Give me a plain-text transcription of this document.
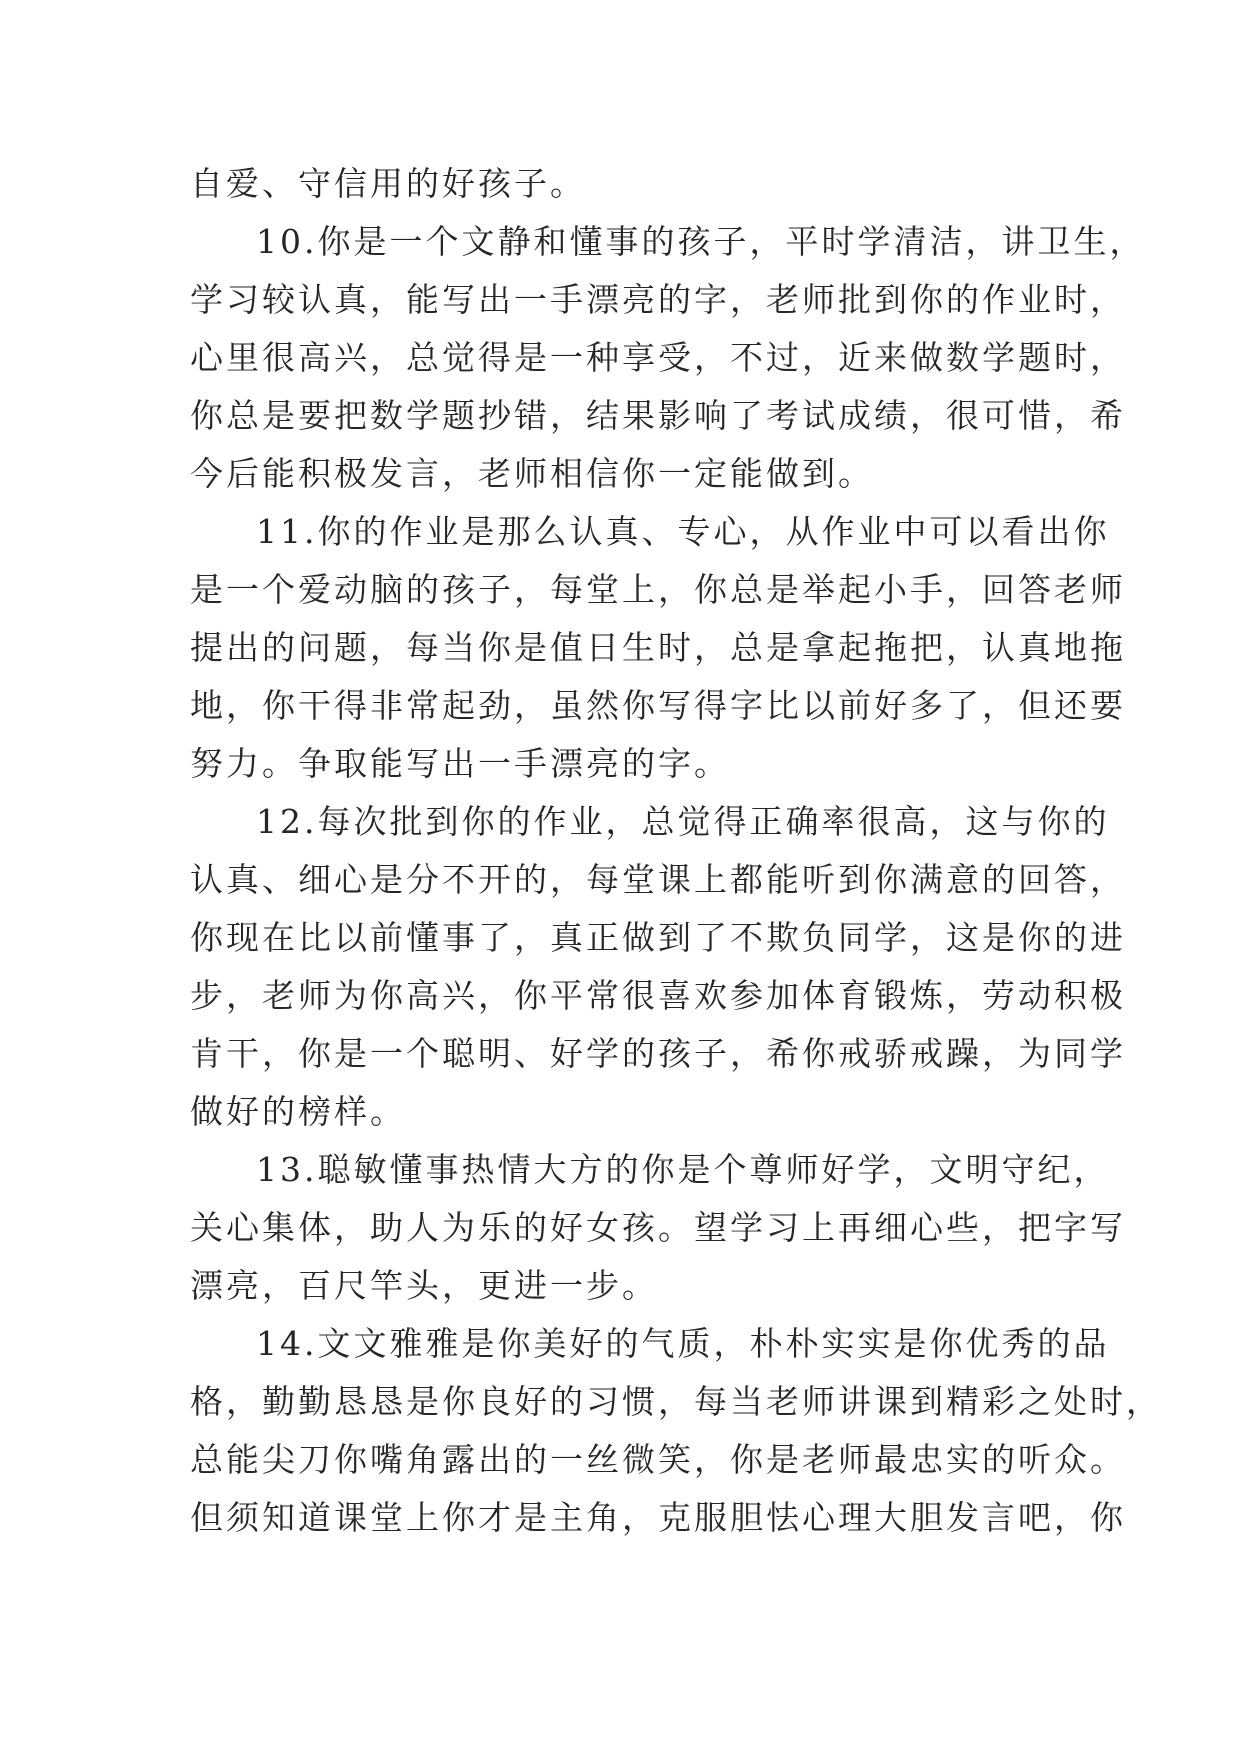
自爱、守信用的好孩子。
10.你是一个文静和懂事的孩子，平时学清洁，讲卫生，
学习较认真，能写出一手漂亮的字，老师批到你的作业时，
心里很高兴，总觉得是一种享受，不过，近来做数学题时，
你总是要把数学题抄错，结果影响了考试成绩，很可惜，希
今后能积极发言，老师相信你一定能做到。
11.你的作业是那么认真、专心，从作业中可以看出你
是一个爱动脑的孩子，每堂上，你总是举起小手，回答老师
提出的问题，每当你是值日生时，总是拿起拖把，认真地拖
地，你干得非常起劲，虽然你写得字比以前好多了，但还要
努力。争取能写出一手漂亮的字。
12.每次批到你的作业，总觉得正确率很高，这与你的
认真、细心是分不开的，每堂课上都能听到你满意的回答，
你现在比以前懂事了，真正做到了不欺负同学，这是你的进
步，老师为你高兴，你平常很喜欢参加体育锻炼，劳动积极
肯干，你是一个聪明、好学的孩子，希你戒骄戒躁，为同学
做好的榜样。
13.聪敏懂事热情大方的你是个尊师好学，文明守纪，
关心集体，助人为乐的好女孩。望学习上再细心些，把字写
漂亮，百尺竿头，更进一步。
14.文文雅雅是你美好的气质，朴朴实实是你优秀的品
格，勤勤恳恳是你良好的习惯，每当老师讲课到精彩之处时，
总能尖刀你嘴角露出的一丝微笑，你是老师最忠实的听众。
但须知道课堂上你才是主角，克服胆怯心理大胆发言吧，你
